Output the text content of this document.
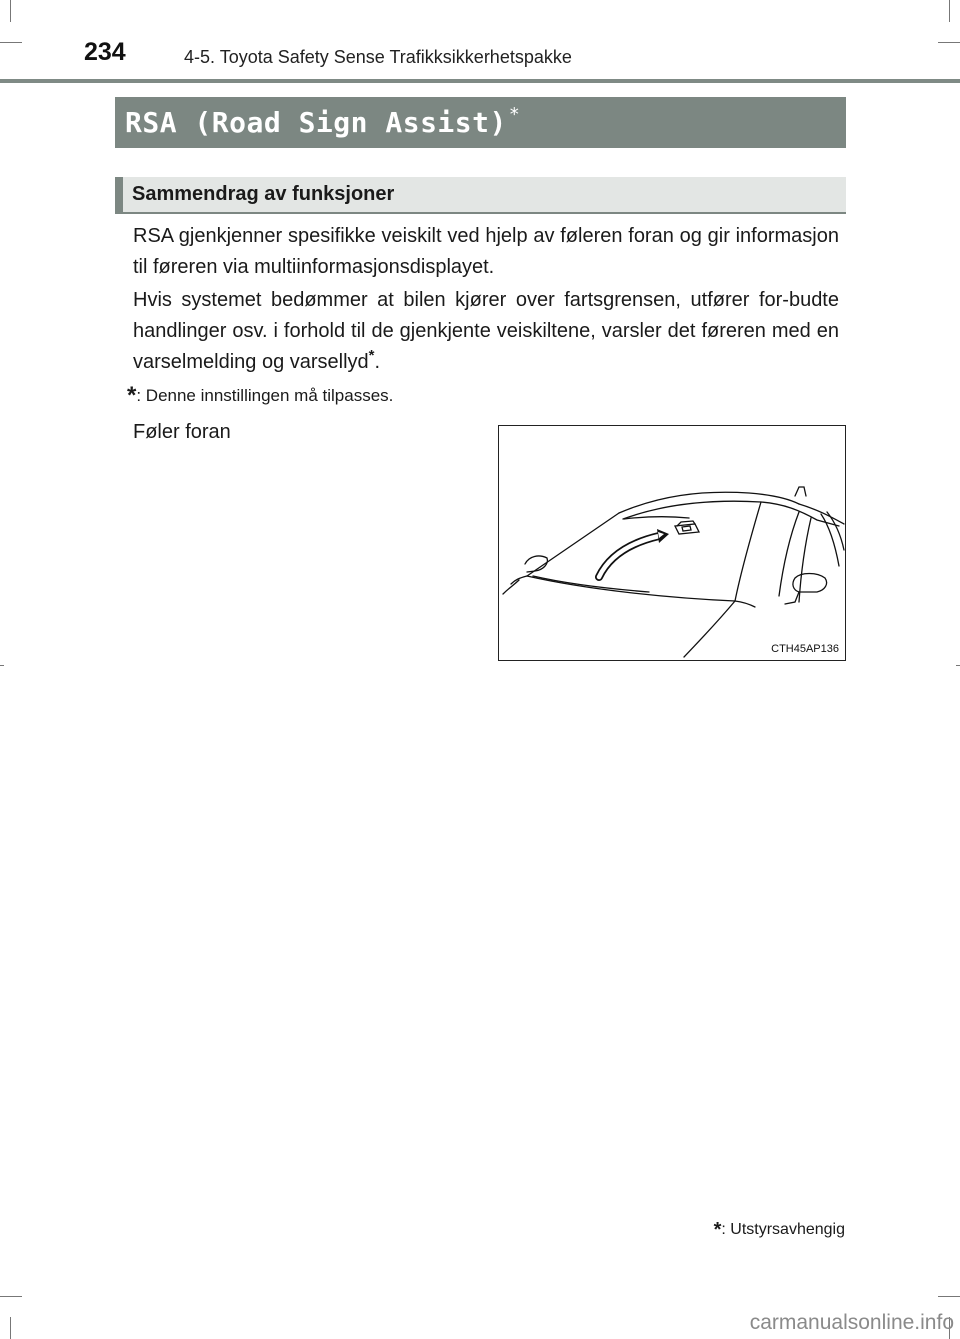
234	4-5. Toyota Safety Sense Trafikksikkerhetspakke
RSA (Road Sign Assist) *
Sammendrag av funksjoner

RSA gjenkjenner spesifikke veiskilt ved hjelp av føleren foran og gir informasjon til føreren via multiinformasjonsdisplayet.

Hvis systemet bedømmer at bilen kjører over fartsgrensen, utfører for-budte handlinger osv. i forhold til de gjenkjente veiskiltene, varsler det føreren med en varselmelding og varsellyd*.

*: Denne innstillingen må tilpasses.
Føler foran
CTH45AP136
*: Utstyrsavhengig
carmanualsonline.info
